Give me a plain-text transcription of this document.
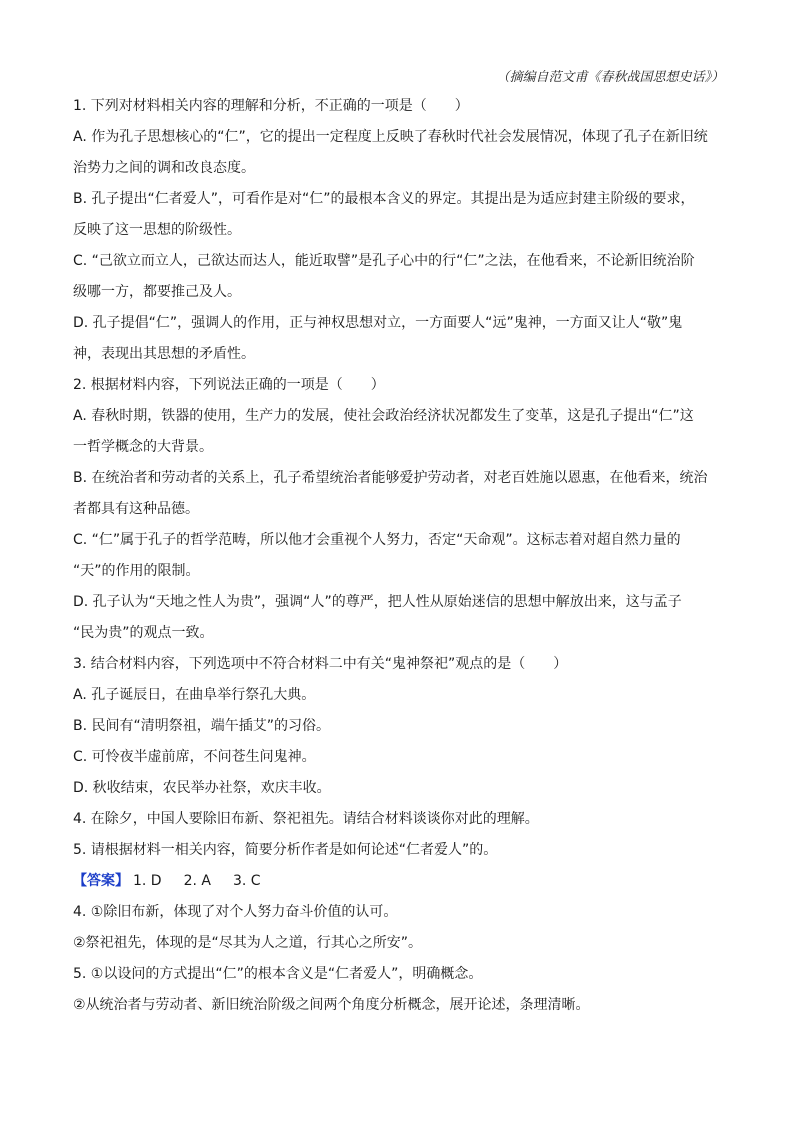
（摘编自范文甫《春秋战国思想史话》）
1. 下列对材料相关内容的理解和分析，不正确的一项是（　　）
A. 作为孔子思想核心的“仁”，它的提出一定程度上反映了春秋时代社会发展情况，体现了孔子在新旧统
治势力之间的调和改良态度。
B. 孔子提出“仁者爱人”，可看作是对“仁”的最根本含义的界定。其提出是为适应封建主阶级的要求，
反映了这一思想的阶级性。
C. “己欲立而立人，己欲达而达人，能近取譬”是孔子心中的行“仁”之法，在他看来，不论新旧统治阶
级哪一方，都要推己及人。
D. 孔子提倡“仁”，强调人的作用，正与神权思想对立，一方面要人“远”鬼神，一方面又让人“敬”鬼
神，表现出其思想的矛盾性。
2. 根据材料内容，下列说法正确的一项是（　　）
A. 春秋时期，铁器的使用，生产力的发展，使社会政治经济状况都发生了变革，这是孔子提出“仁”这
一哲学概念的大背景。
B. 在统治者和劳动者的关系上，孔子希望统治者能够爱护劳动者，对老百姓施以恩惠，在他看来，统治
者都具有这种品德。
C. “仁”属于孔子的哲学范畴，所以他才会重视个人努力，否定“天命观”。这标志着对超自然力量的
“天”的作用的限制。
D. 孔子认为“天地之性人为贵”，强调“人”的尊严，把人性从原始迷信的思想中解放出来，这与孟子
“民为贵”的观点一致。
3. 结合材料内容，下列选项中不符合材料二中有关“鬼神祭祀”观点的是（　　）
A. 孔子诞辰日，在曲阜举行祭孔大典。
B. 民间有“清明祭祖，端午插艾”的习俗。
C. 可怜夜半虚前席，不问苍生问鬼神。
D. 秋收结束，农民举办社祭，欢庆丰收。
4. 在除夕，中国人要除旧布新、祭祀祖先。请结合材料谈谈你对此的理解。
5. 请根据材料一相关内容，简要分析作者是如何论述“仁者爱人”的。
【答案】 1. D 2. A 3. C
4. ①除旧布新，体现了对个人努力奋斗价值的认可。
②祭祀祖先，体现的是“尽其为人之道，行其心之所安”。
5. ①以设问的方式提出“仁”的根本含义是“仁者爱人”，明确概念。
②从统治者与劳动者、新旧统治阶级之间两个角度分析概念，展开论述，条理清晰。
